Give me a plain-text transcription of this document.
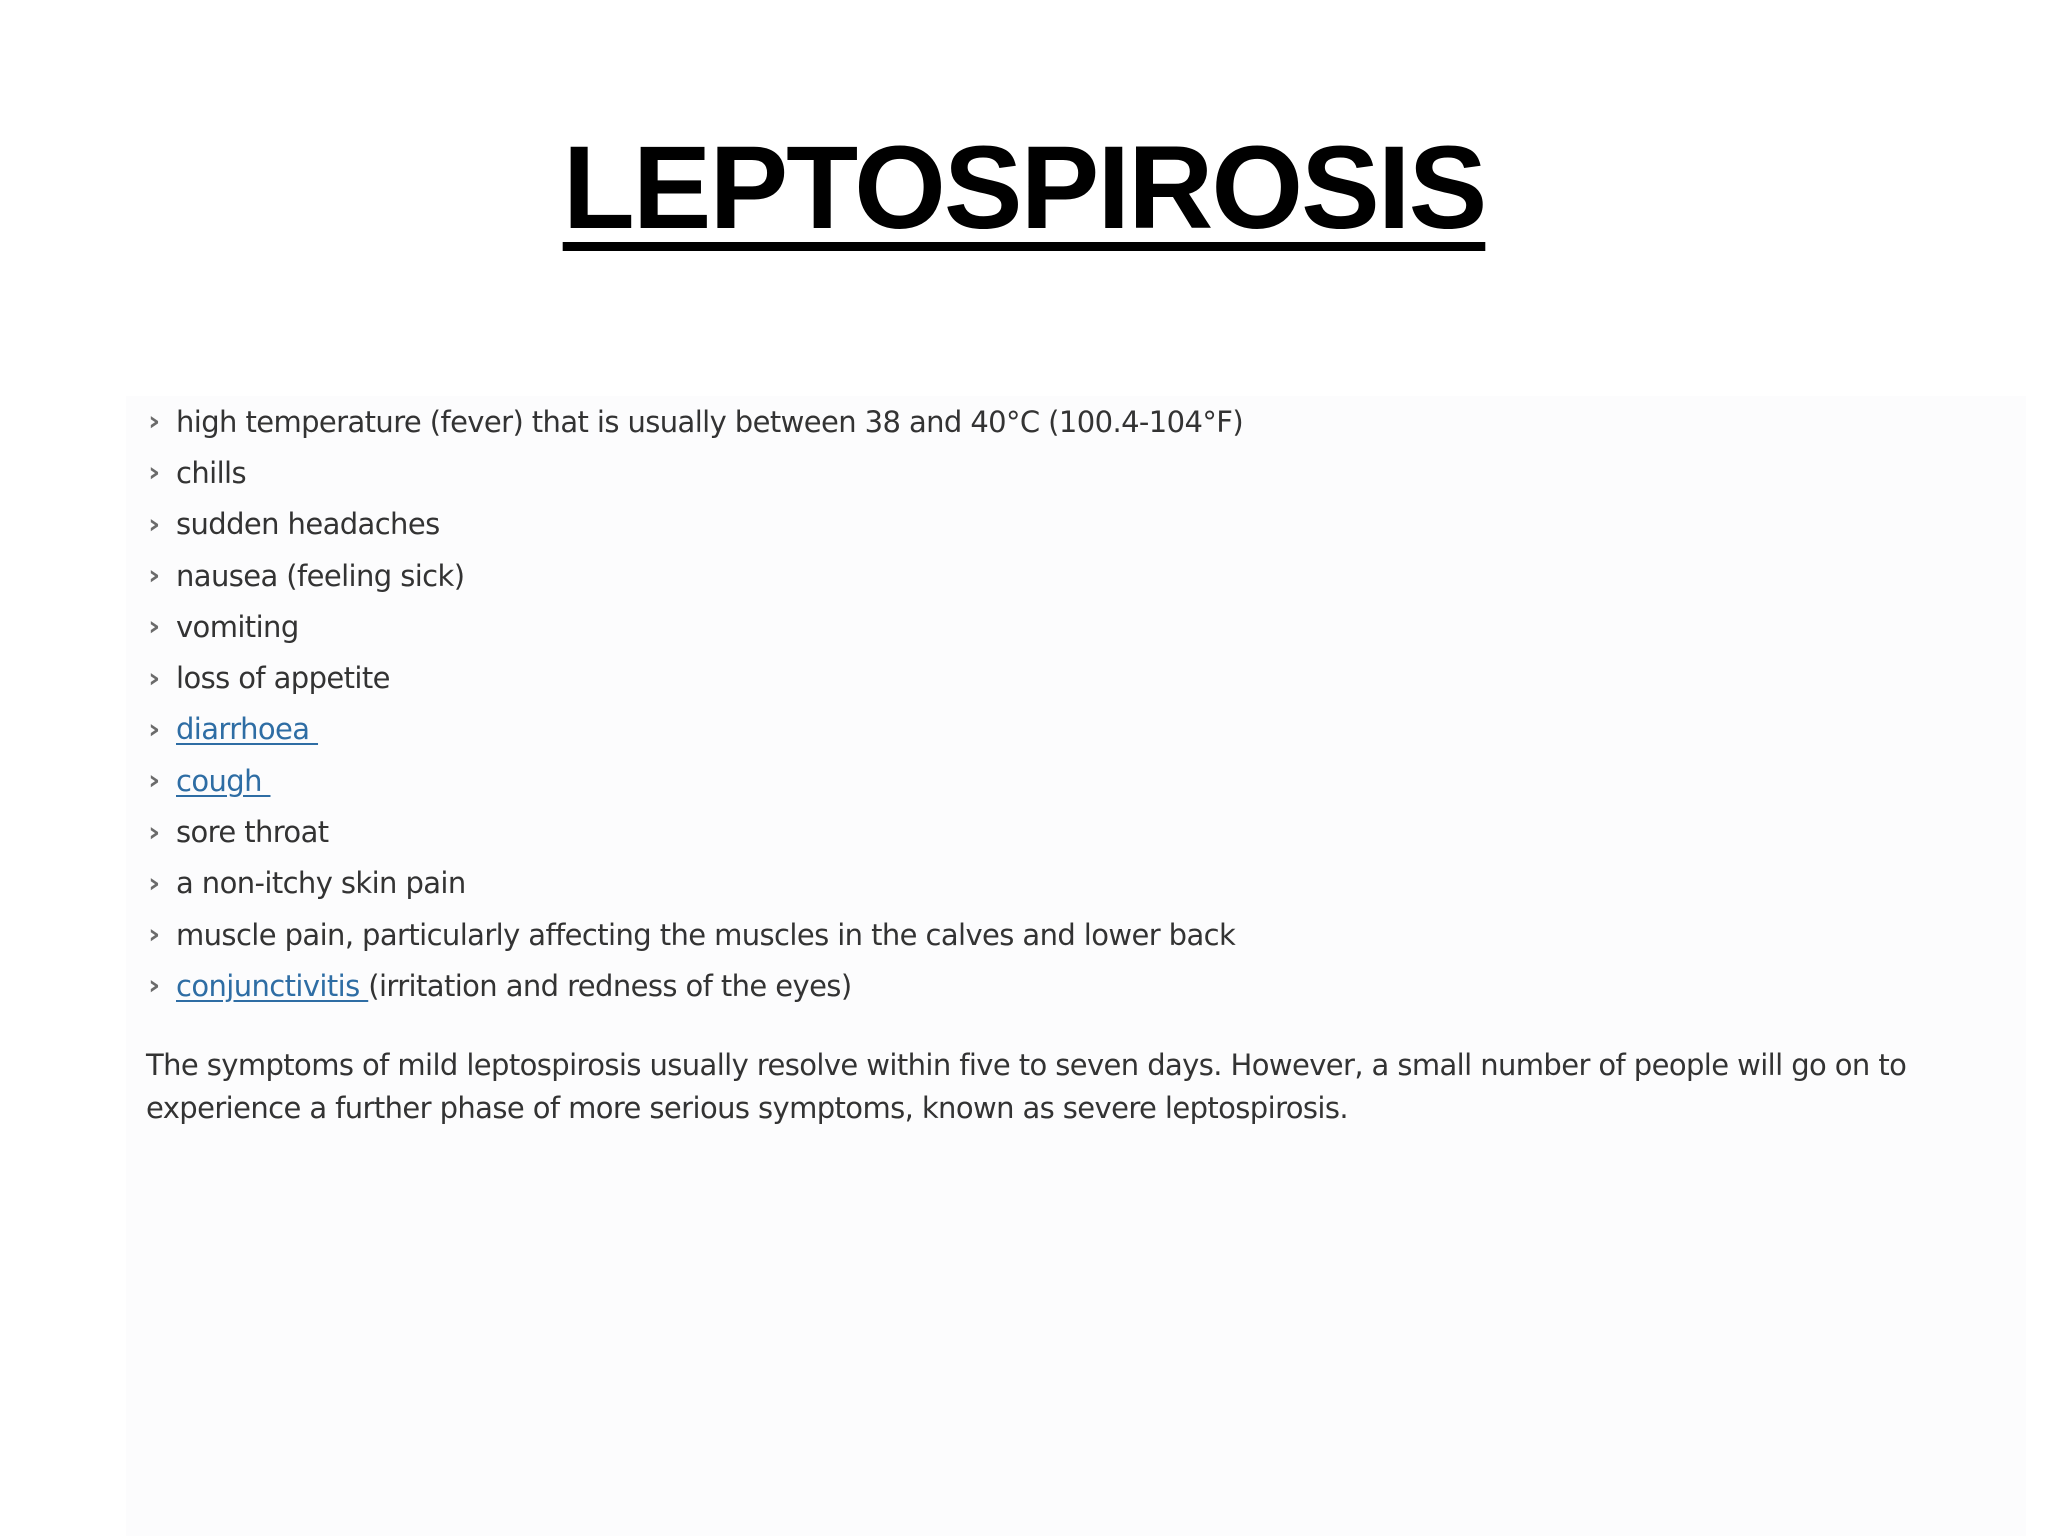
LEPTOSPIROSIS
› high temperature (fever) that is usually between 38 and 40°C (100.4-104°F)
› chills
› sudden headaches
› nausea (feeling sick)
› vomiting
› loss of appetite
› diarrhoea
› cough
› sore throat
› a non-itchy skin pain
› muscle pain, particularly affecting the muscles in the calves and lower back
› conjunctivitis (irritation and redness of the eyes)

The symptoms of mild leptospirosis usually resolve within five to seven days. However, a small number of people will go on to experience a further phase of more serious symptoms, known as severe leptospirosis.
